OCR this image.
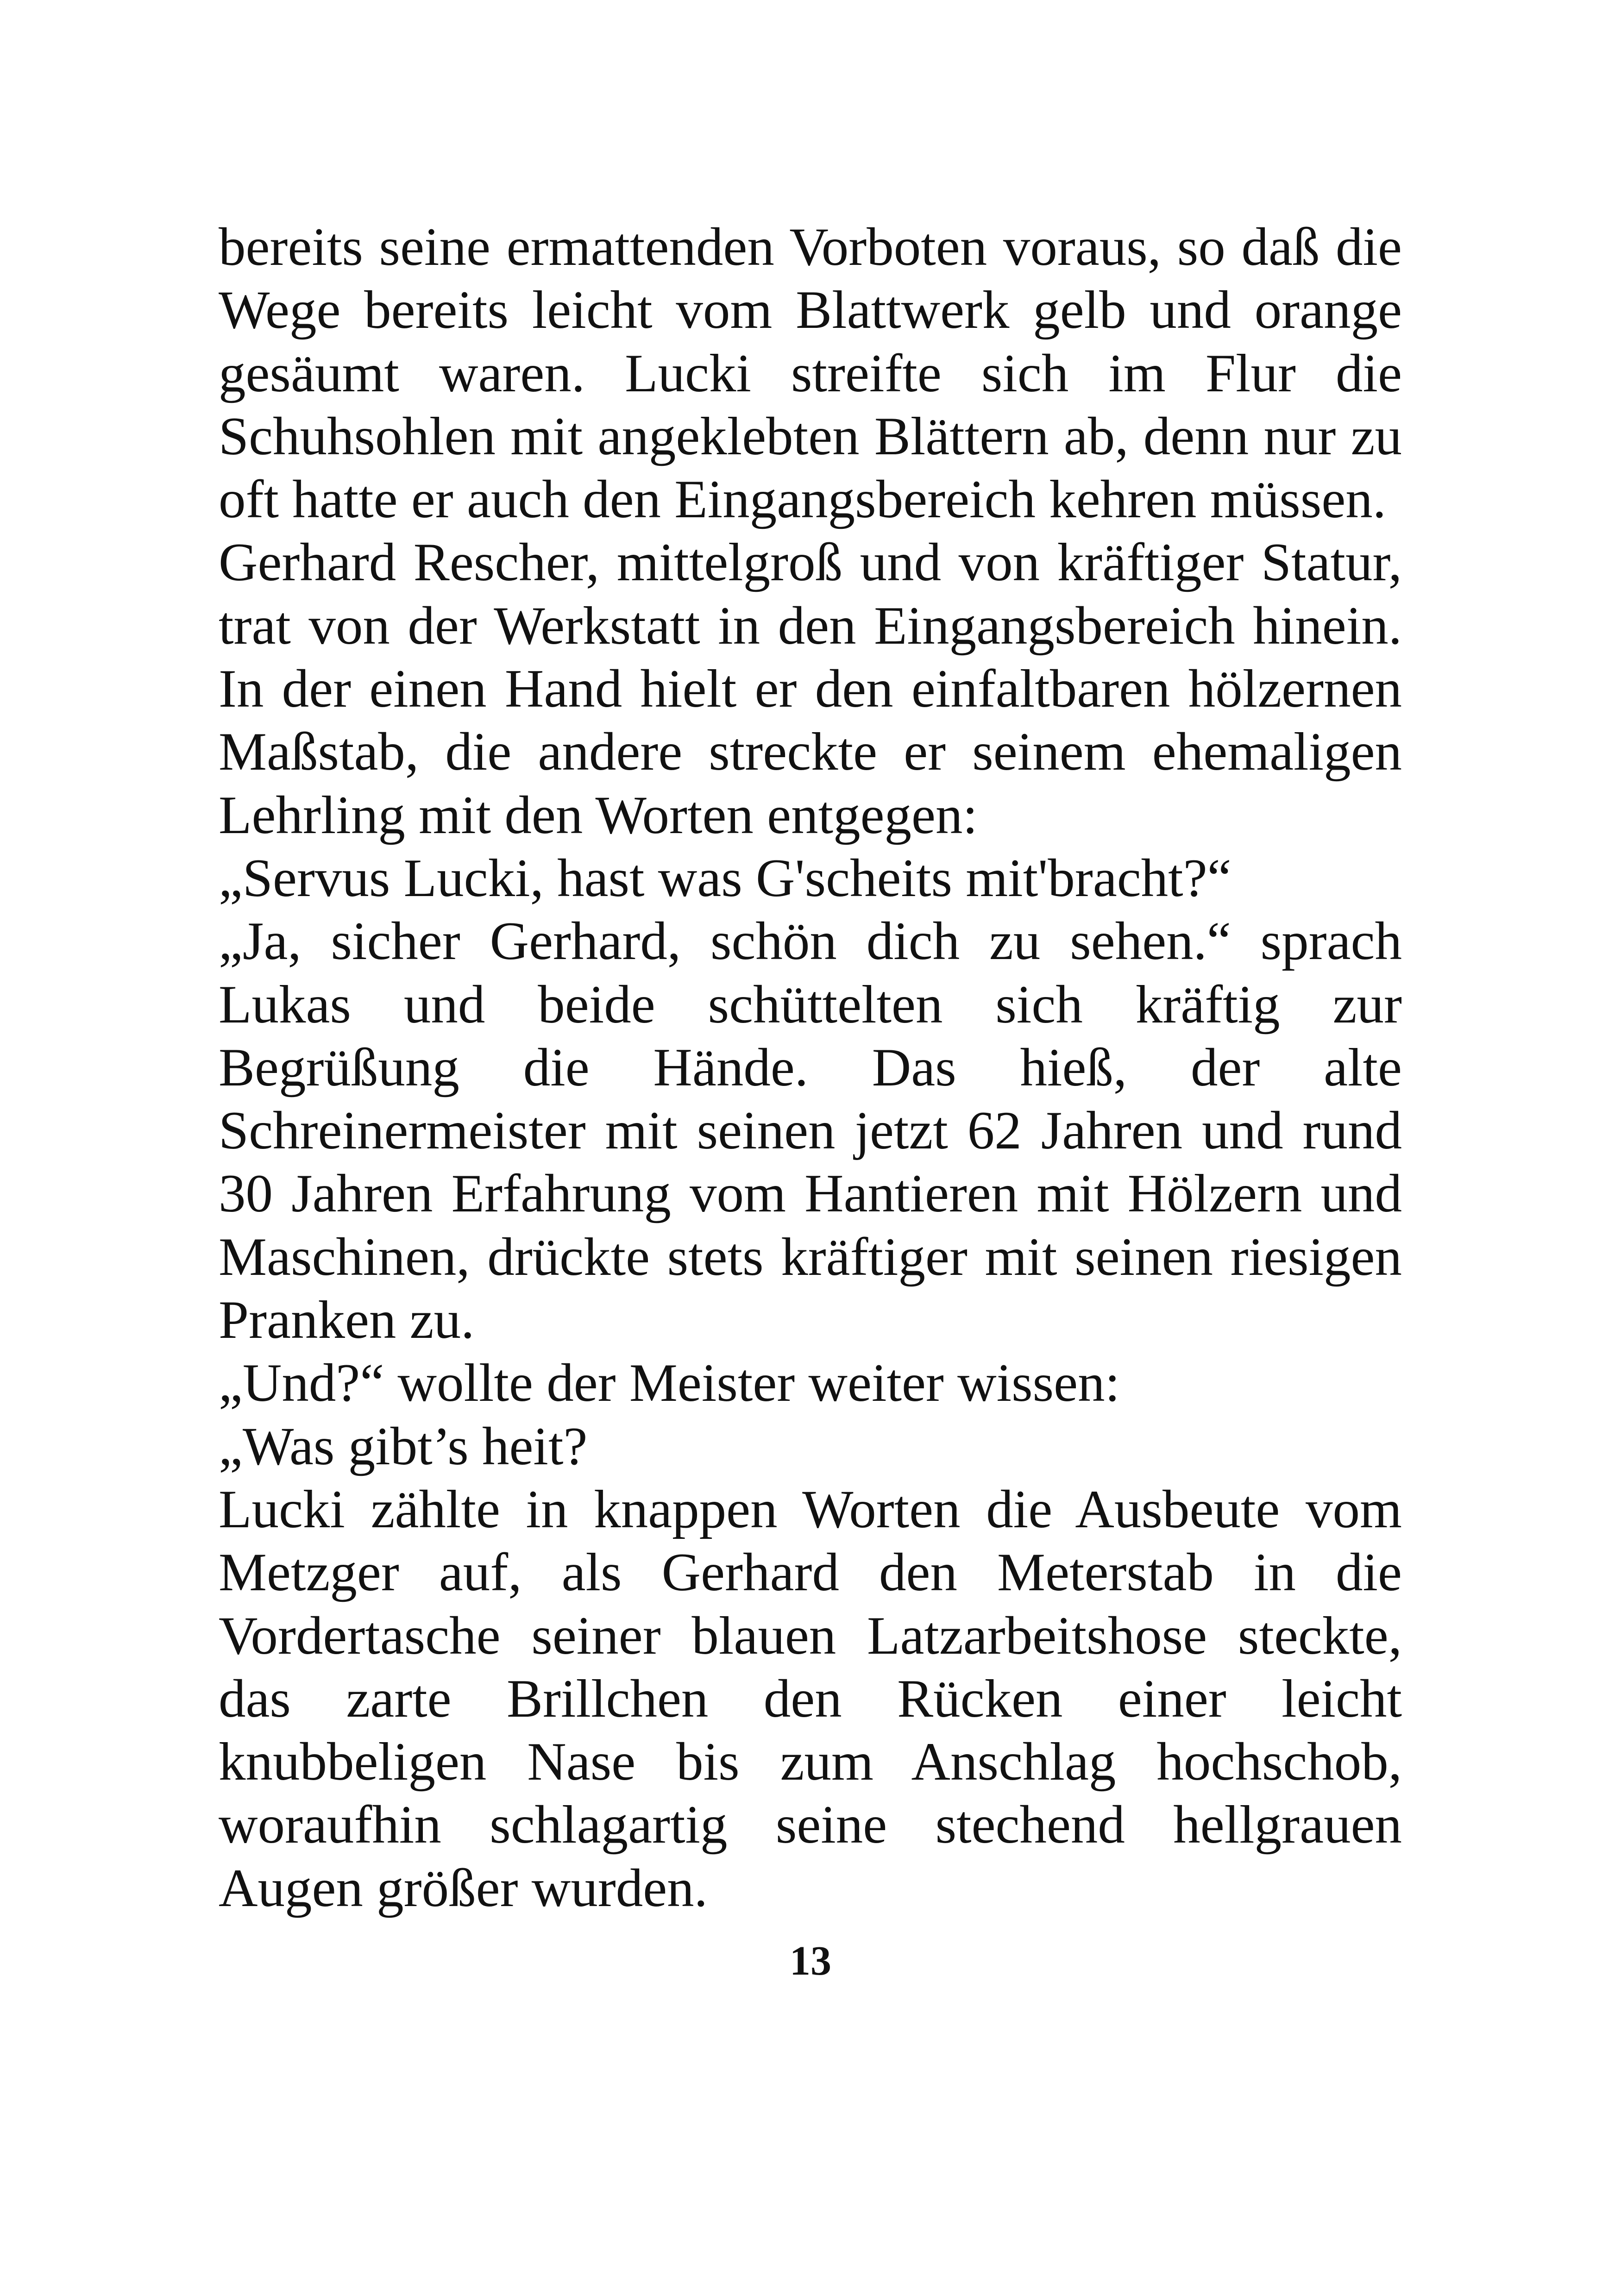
bereits seine ermattenden Vorboten voraus, so daß die
Wege bereits leicht vom Blattwerk gelb und orange
gesäumt waren. Lucki streifte sich im Flur die
Schuhsohlen mit angeklebten Blättern ab, denn nur zu
oft hatte er auch den Eingangsbereich kehren müssen.
Gerhard Rescher, mittelgroß und von kräftiger Statur,
trat von der Werkstatt in den Eingangsbereich hinein.
In der einen Hand hielt er den einfaltbaren hölzernen
Maßstab, die andere streckte er seinem ehemaligen
Lehrling mit den Worten entgegen:
„Servus Lucki, hast was G'scheits mit'bracht?“
„Ja, sicher Gerhard, schön dich zu sehen.“ sprach
Lukas und beide schüttelten sich kräftig zur
Begrüßung die Hände. Das hieß, der alte
Schreinermeister mit seinen jetzt 62 Jahren und rund
30 Jahren Erfahrung vom Hantieren mit Hölzern und
Maschinen, drückte stets kräftiger mit seinen riesigen
Pranken zu.
„Und?“ wollte der Meister weiter wissen:
„Was gibt’s heit?
Lucki zählte in knappen Worten die Ausbeute vom
Metzger auf, als Gerhard den Meterstab in die
Vordertasche seiner blauen Latzarbeitshose steckte,
das zarte Brillchen den Rücken einer leicht
knubbeligen Nase bis zum Anschlag hochschob,
woraufhin schlagartig seine stechend hellgrauen
Augen größer wurden.
13
